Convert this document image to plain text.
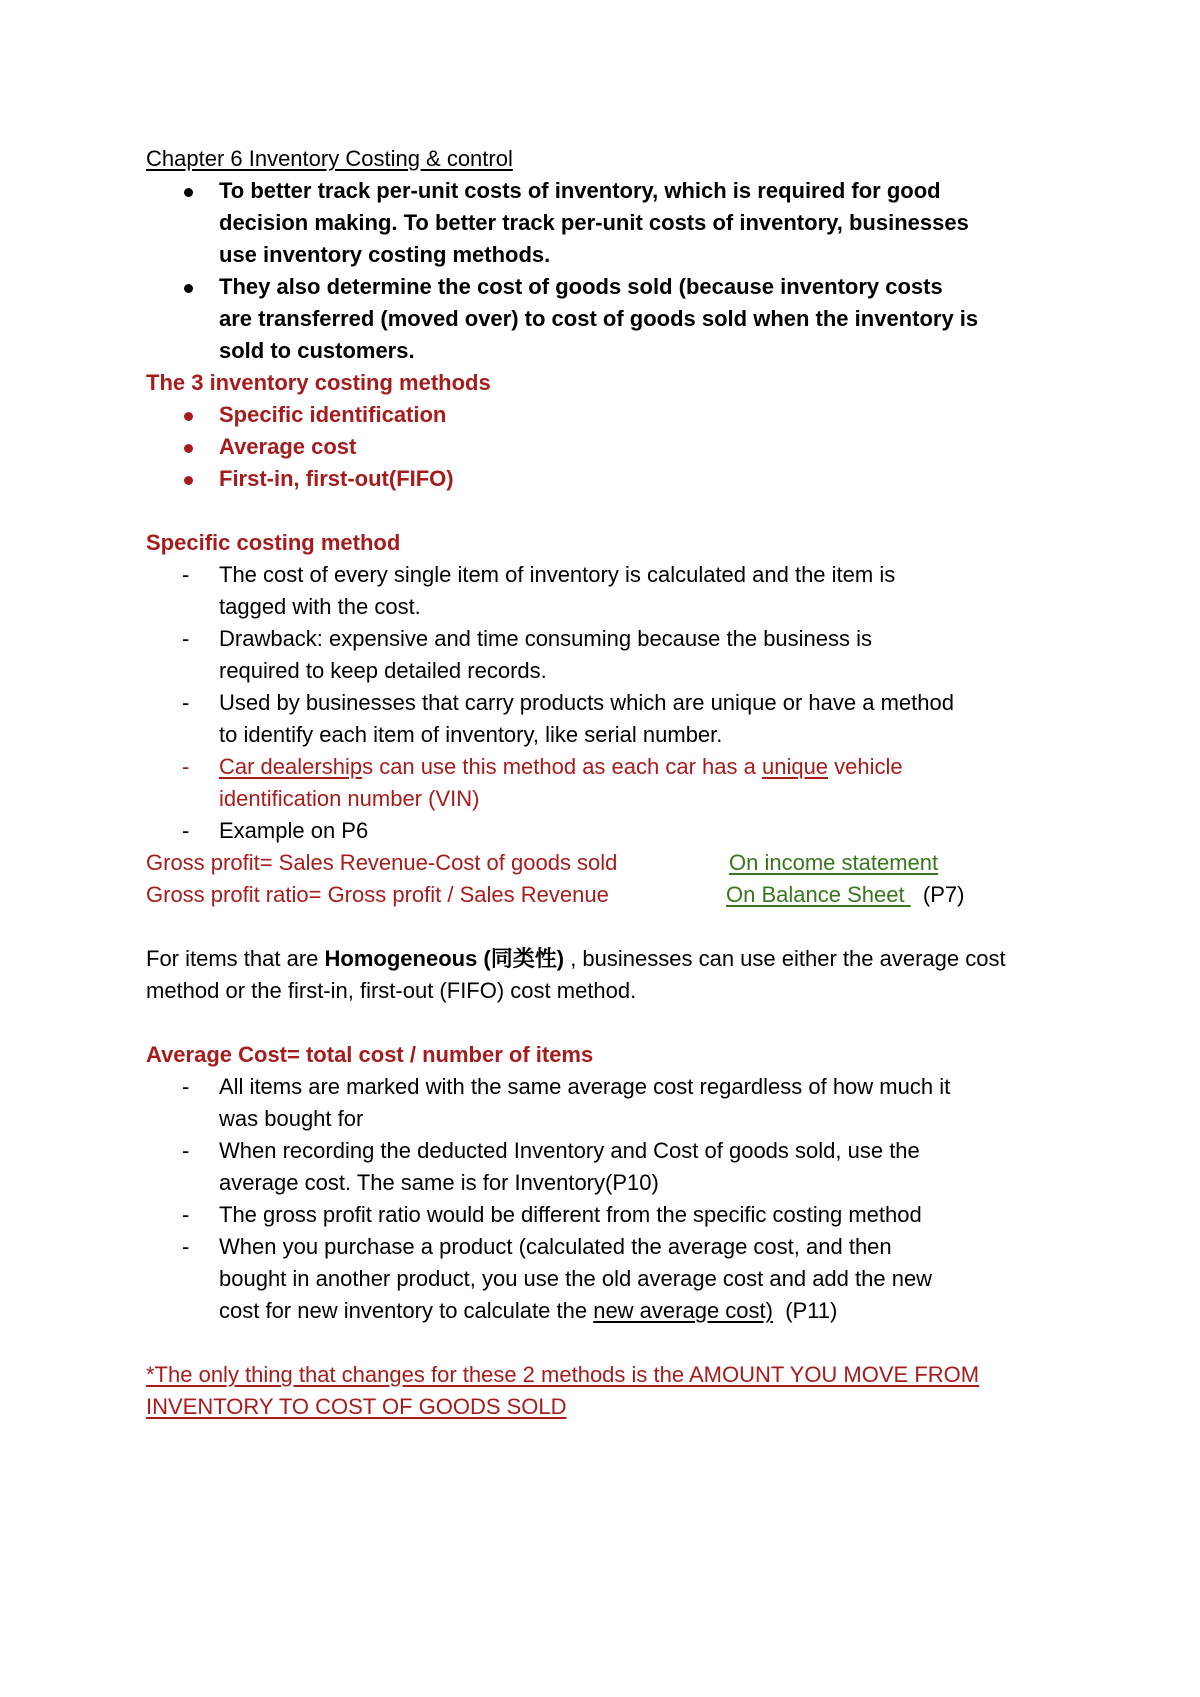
Chapter 6 Inventory Costing & control
To better track per-unit costs of inventory, which is required for good decision making. To better track per-unit costs of inventory, businesses use inventory costing methods.
They also determine the cost of goods sold (because inventory costs are transferred (moved over) to cost of goods sold when the inventory is sold to customers.
The 3 inventory costing methods
Specific identification
Average cost
First-in, first-out(FIFO)
Specific costing method
- The cost of every single item of inventory is calculated and the item is tagged with the cost.
- Drawback: expensive and time consuming because the business is required to keep detailed records.
- Used by businesses that carry products which are unique or have a method to identify each item of inventory, like serial number.
- Car dealerships can use this method as each car has a unique vehicle identification number (VIN)
- Example on P6
Gross profit= Sales Revenue-Cost of goods sold	On income statement
Gross profit ratio= Gross profit / Sales Revenue	On Balance Sheet   (P7)
For items that are Homogeneous (同类性) , businesses can use either the average cost method or the first-in, first-out (FIFO) cost method.
Average Cost= total cost / number of items
- All items are marked with the same average cost regardless of how much it was bought for
- When recording the deducted Inventory and Cost of goods sold, use the average cost. The same is for Inventory(P10)
- The gross profit ratio would be different from the specific costing method
- When you purchase a product (calculated the average cost, and then bought in another product, you use the old average cost and add the new cost for new inventory to calculate the new average cost)  (P11)
*The only thing that changes for these 2 methods is the AMOUNT YOU MOVE FROM INVENTORY TO COST OF GOODS SOLD
